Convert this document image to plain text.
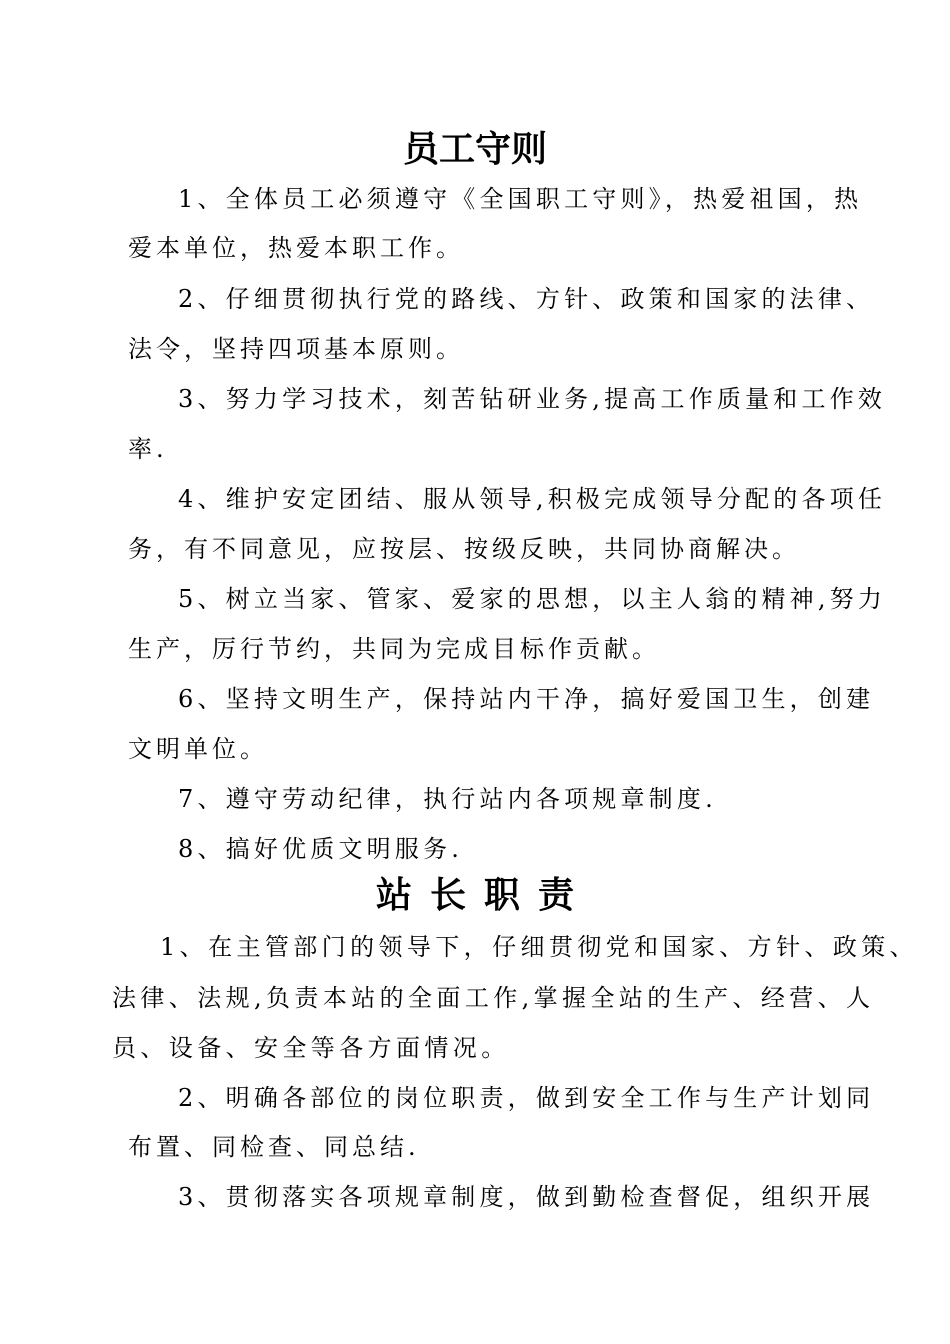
员工守则

1、全体员工必须遵守《全国职工守则》，热爱祖国，热

爱本单位，热爱本职工作。

2、仔细贯彻执行党的路线、方针、政策和国家的法律、

法令，坚持四项基本原则。

3、努力学习技术，刻苦钻研业务,提高工作质量和工作效

率.

4、维护安定团结、服从领导,积极完成领导分配的各项任

务，有不同意见，应按层、按级反映，共同协商解决。

5、树立当家、管家、爱家的思想，以主人翁的精神,努力

生产，厉行节约，共同为完成目标作贡献。

6、坚持文明生产，保持站内干净，搞好爱国卫生，创建

文明单位。

7、遵守劳动纪律，执行站内各项规章制度.

8、搞好优质文明服务.

站长职责

1、在主管部门的领导下，仔细贯彻党和国家、方针、政策、

法律、法规,负责本站的全面工作,掌握全站的生产、经营、人

员、设备、安全等各方面情况。

2、明确各部位的岗位职责，做到安全工作与生产计划同

布置、同检查、同总结.

3、贯彻落实各项规章制度，做到勤检查督促，组织开展
